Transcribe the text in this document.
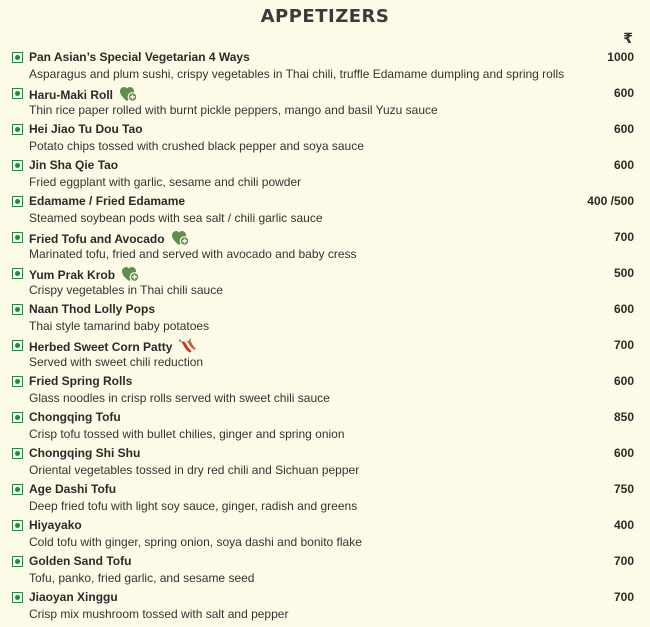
APPETIZERS
₹
Pan Asian’s Special Vegetarian 4 Ways
Asparagus and plum sushi, crispy vegetables in Thai chili, truffle Edamame dumpling and spring rolls
1000
Haru-Maki Roll
Thin rice paper rolled with burnt pickle peppers, mango and basil Yuzu sauce
600
Hei Jiao Tu Dou Tao
Potato chips tossed with crushed black pepper and soya sauce
600
Jin Sha Qie Tao
Fried eggplant with garlic, sesame and chili powder
600
Edamame / Fried Edamame
Steamed soybean pods with sea salt / chili garlic sauce
400 /500
Fried Tofu and Avocado
Marinated tofu, fried and served with avocado and baby cress
700
Yum Prak Krob
Crispy vegetables in Thai chili sauce
500
Naan Thod Lolly Pops
Thai style tamarind baby potatoes
600
Herbed Sweet Corn Patty
Served with sweet chili reduction
700
Fried Spring Rolls
Glass noodles in crisp rolls served with sweet chili sauce
600
Chongqing Tofu
Crisp tofu tossed with bullet chilies, ginger and spring onion
850
Chongqing Shi Shu
Oriental vegetables tossed in dry red chili and Sichuan pepper
600
Age Dashi Tofu
Deep fried tofu with light soy sauce, ginger, radish and greens
750
Hiyayako
Cold tofu with ginger, spring onion, soya dashi and bonito flake
400
Golden Sand Tofu
Tofu, panko, fried garlic, and sesame seed
700
Jiaoyan Xinggu
Crisp mix mushroom tossed with salt and pepper
700
